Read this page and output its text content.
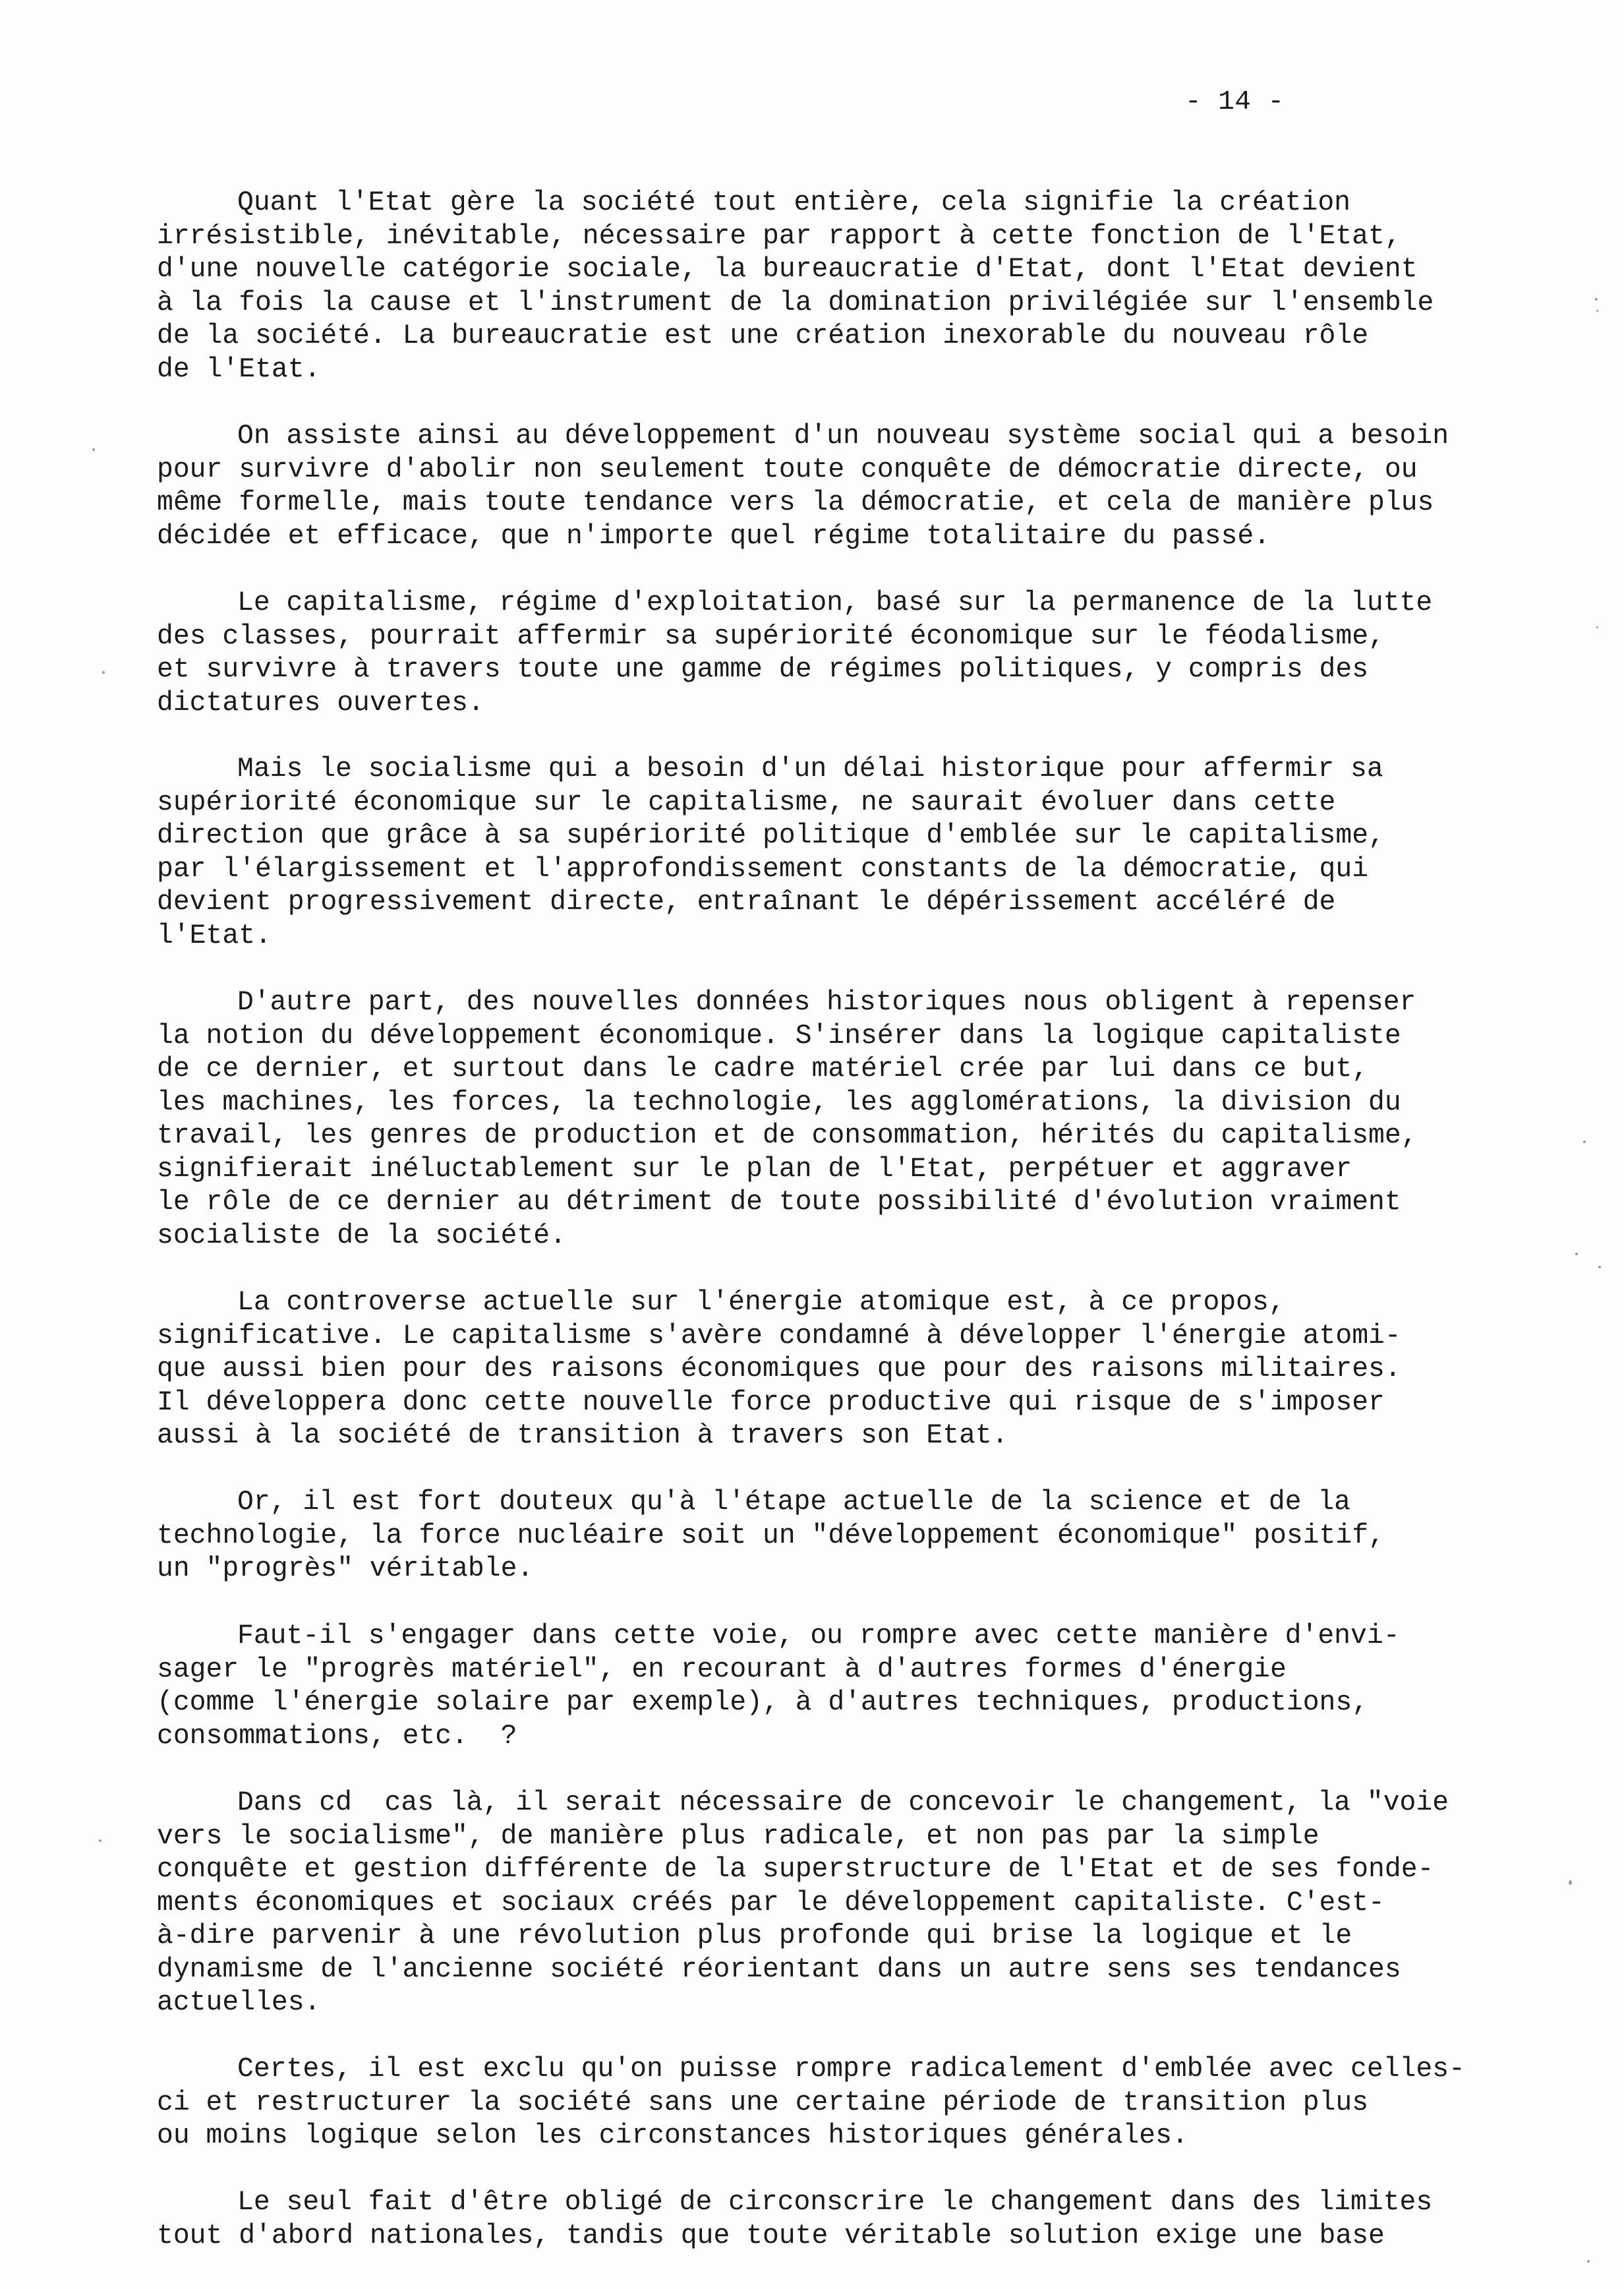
- 14 -
Quant l'Etat gère la société tout entière, cela signifie la création
irrésistible, inévitable, nécessaire par rapport à cette fonction de l'Etat,
d'une nouvelle catégorie sociale, la bureaucratie d'Etat, dont l'Etat devient
à la fois la cause et l'instrument de la domination privilégiée sur l'ensemble
de la société. La bureaucratie est une création inexorable du nouveau rôle
de l'Etat.
On assiste ainsi au développement d'un nouveau système social qui a besoin
pour survivre d'abolir non seulement toute conquête de démocratie directe, ou
même formelle, mais toute tendance vers la démocratie, et cela de manière plus
décidée et efficace, que n'importe quel régime totalitaire du passé.
Le capitalisme, régime d'exploitation, basé sur la permanence de la lutte
des classes, pourrait affermir sa supériorité économique sur le féodalisme,
et survivre à travers toute une gamme de régimes politiques, y compris des
dictatures ouvertes.
Mais le socialisme qui a besoin d'un délai historique pour affermir sa
supériorité économique sur le capitalisme, ne saurait évoluer dans cette
direction que grâce à sa supériorité politique d'emblée sur le capitalisme,
par l'élargissement et l'approfondissement constants de la démocratie, qui
devient progressivement directe, entraînant le dépérissement accéléré de
l'Etat.
D'autre part, des nouvelles données historiques nous obligent à repenser
la notion du développement économique. S'insérer dans la logique capitaliste
de ce dernier, et surtout dans le cadre matériel crée par lui dans ce but,
les machines, les forces, la technologie, les agglomérations, la division du
travail, les genres de production et de consommation, hérités du capitalisme,
signifierait inéluctablement sur le plan de l'Etat, perpétuer et aggraver
le rôle de ce dernier au détriment de toute possibilité d'évolution vraiment
socialiste de la société.
La controverse actuelle sur l'énergie atomique est, à ce propos,
significative. Le capitalisme s'avère condamné à développer l'énergie atomi-
que aussi bien pour des raisons économiques que pour des raisons militaires.
Il développera donc cette nouvelle force productive qui risque de s'imposer
aussi à la société de transition à travers son Etat.
Or, il est fort douteux qu'à l'étape actuelle de la science et de la
technologie, la force nucléaire soit un "développement économique" positif,
un "progrès" véritable.
Faut-il s'engager dans cette voie, ou rompre avec cette manière d'envi-
sager le "progrès matériel", en recourant à d'autres formes d'énergie
(comme l'énergie solaire par exemple), à d'autres techniques, productions,
consommations, etc.  ?
Dans cd  cas là, il serait nécessaire de concevoir le changement, la "voie
vers le socialisme", de manière plus radicale, et non pas par la simple
conquête et gestion différente de la superstructure de l'Etat et de ses fonde-
ments économiques et sociaux créés par le développement capitaliste. C'est-
à-dire parvenir à une révolution plus profonde qui brise la logique et le
dynamisme de l'ancienne société réorientant dans un autre sens ses tendances
actuelles.
Certes, il est exclu qu'on puisse rompre radicalement d'emblée avec celles-
ci et restructurer la société sans une certaine période de transition plus
ou moins logique selon les circonstances historiques générales.
Le seul fait d'être obligé de circonscrire le changement dans des limites
tout d'abord nationales, tandis que toute véritable solution exige une base
